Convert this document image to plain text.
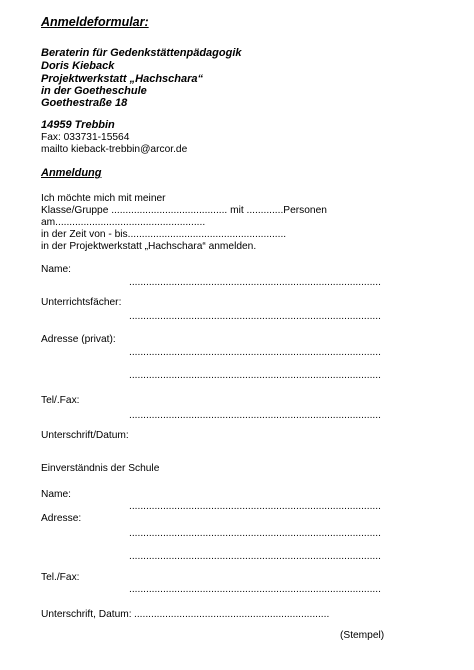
Anmeldeformular:
Beraterin für Gedenkstättenpädagogik
Doris Kieback
Projektwerkstatt „Hachschara“
in der Goetheschule
Goethestraße 18
14959 Trebbin
Fax: 033731-15564
mailto kieback-trebbin@arcor.de
Anmeldung
Ich möchte mich mit meiner
Klasse/Gruppe ......................................... mit .............Personen
am.....................................................
in der Zeit von - bis........................................................
in der Projektwerkstatt „Hachschara“ anmelden.
Name:
.........................................................................................
Unterrichtsfächer:
.........................................................................................
Adresse (privat):
.........................................................................................
.........................................................................................
Tel/.Fax:
.........................................................................................
Unterschrift/Datum:
Einverständnis der Schule
Name:
.........................................................................................
Adresse:
.........................................................................................
.........................................................................................
Tel./Fax:
.........................................................................................
Unterschrift, Datum: .....................................................................
(Stempel)
